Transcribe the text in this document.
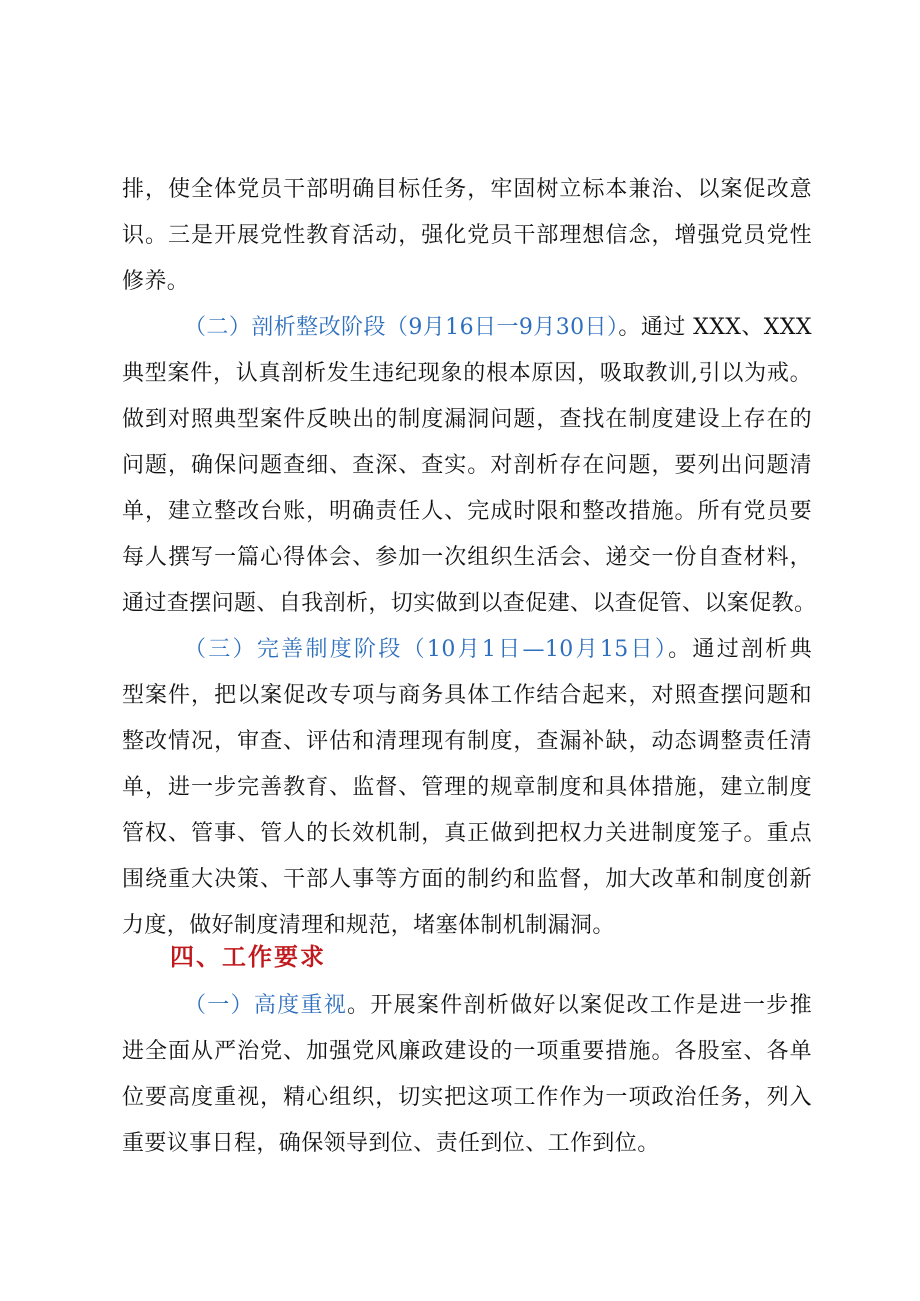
排，使全体党员干部明确目标任务，牢固树立标本兼治、以案促改意
识。三是开展党性教育活动，强化党员干部理想信念，增强党员党性
修养。
（二）剖析整改阶段（9月16日一9月30日）。通过 XXX、XXX
典型案件，认真剖析发生违纪现象的根本原因，吸取教训,引以为戒。
做到对照典型案件反映出的制度漏洞问题，查找在制度建设上存在的
问题，确保问题查细、查深、查实。对剖析存在问题，要列出问题清
单，建立整改台账，明确责任人、完成时限和整改措施。所有党员要
每人撰写一篇心得体会、参加一次组织生活会、递交一份自查材料，
通过查摆问题、自我剖析，切实做到以查促建、以查促管、以案促教。
（三）完善制度阶段（10月1日—10月15日）。通过剖析典
型案件，把以案促改专项与商务具体工作结合起来，对照查摆问题和
整改情况，审查、评估和清理现有制度，查漏补缺，动态调整责任清
单，进一步完善教育、监督、管理的规章制度和具体措施，建立制度
管权、管事、管人的长效机制，真正做到把权力关进制度笼子。重点
围绕重大决策、干部人事等方面的制约和监督，加大改革和制度创新
力度，做好制度清理和规范，堵塞体制机制漏洞。
四、工作要求
（一）高度重视。开展案件剖析做好以案促改工作是进一步推
进全面从严治党、加强党风廉政建设的一项重要措施。各股室、各单
位要高度重视，精心组织，切实把这项工作作为一项政治任务，列入
重要议事日程，确保领导到位、责任到位、工作到位。
